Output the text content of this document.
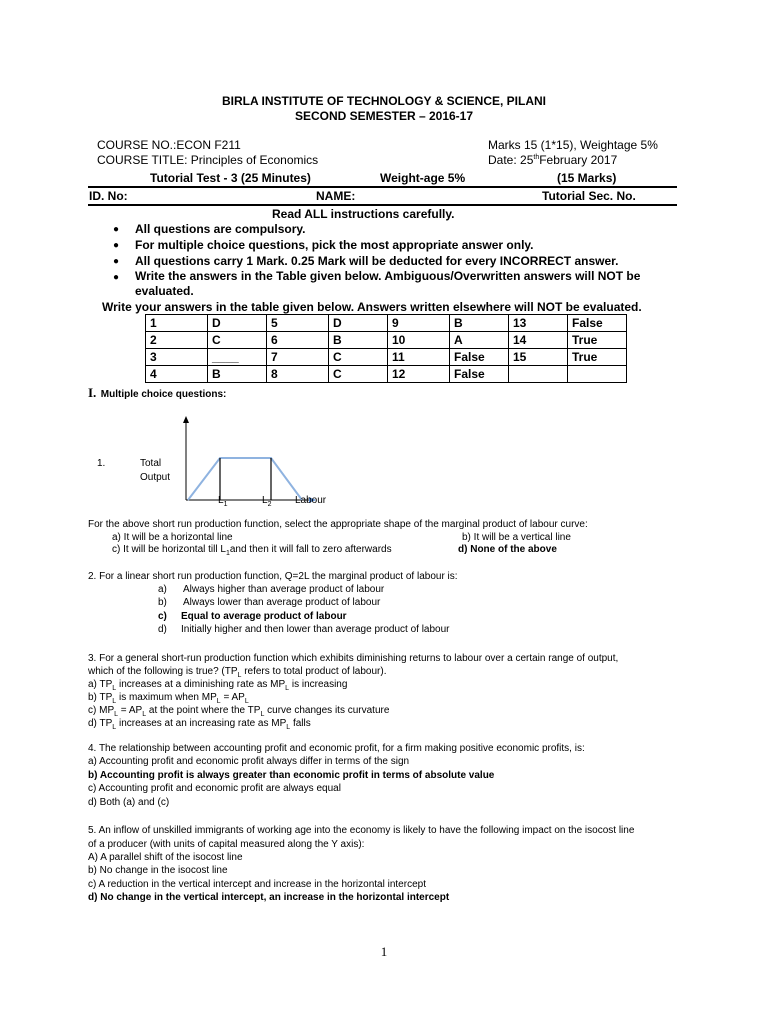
BIRLA INSTITUTE OF TECHNOLOGY & SCIENCE, PILANI
SECOND SEMESTER – 2016-17
COURSE NO.:ECON F211
COURSE TITLE: Principles of Economics
Marks 15 (1*15), Weightage 5%
Date: 25thFebruary 2017
Tutorial Test - 3 (25 Minutes)	Weight-age 5%	(15 Marks)
ID. No:	NAME:	Tutorial Sec. No.
Read ALL instructions carefully.
● All questions are compulsory.
● For multiple choice questions, pick the most appropriate answer only.
● All questions carry 1 Mark. 0.25 Mark will be deducted for every INCORRECT answer.
● Write the answers in the Table given below. Ambiguous/Overwritten answers will NOT be
evaluated.
Write your answers in the table given below. Answers written elsewhere will NOT be evaluated.
1	D	5	D	9	B	13	False
2	C	6	B	10	A	14	True
3	____	7	C	11	False	15	True
4	B	8	C	12	False		
I. Multiple choice questions:
1.	Total
Output
$L_1$	$L_2$ Labour
For the above short run production function, select the appropriate shape of the marginal product of labour curve:
a) It will be a horizontal line	b) It will be a vertical line
c) It will be horizontal till $L_1and$ then it will fall to zero afterwards	d) None of the above
2. For a linear short run production function, Q=2L the marginal product of labour is:
a) Always higher than average product of labour
b) Always lower than average product of labour
c) Equal to average product of labour
d) Initially higher and then lower than average product of labour
3. For a general short-run production function which exhibits diminishing returns to labour over a certain range of output,
which of the following is true? ($TP_L$ refers to total product of labour).
a) $TP_L$ increases at a diminishing rate as $MP_L$ is increasing
b) $TP_L$ is maximum when $MP_L = AP_L$
c) $MP_L = AP_L$ at the point where the $TP_L$ curve changes its curvature
d) $TP_L$ increases at an increasing rate as $MP_L$ falls
4. The relationship between accounting profit and economic profit, for a firm making positive economic profits, is:
a) Accounting profit and economic profit always differ in terms of the sign
b) Accounting profit is always greater than economic profit in terms of absolute value
c) Accounting profit and economic profit are always equal
d) Both (a) and (c)
5. An inflow of unskilled immigrants of working age into the economy is likely to have the following impact on the isocost line
of a producer (with units of capital measured along the Y axis):
A) A parallel shift of the isocost line
b) No change in the isocost line
c) A reduction in the vertical intercept and increase in the horizontal intercept
d) No change in the vertical intercept, an increase in the horizontal intercept
1
